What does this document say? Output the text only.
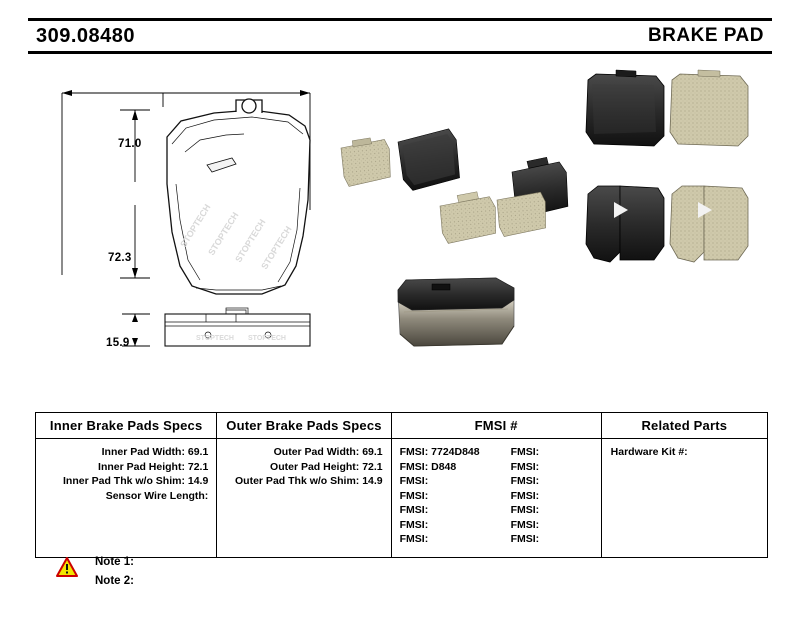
309.08480	BRAKE PAD
STOPTECH
STOPTECH
STOPTECH
STOPTECH
STOPTECH STOPTECH
71.0
72.3
15.9
Inner Brake Pads Specs
Inner Pad Width: 69.1
Inner Pad Height: 72.1
Inner Pad Thk w/o Shim: 14.9
Sensor Wire Length:
Outer Brake Pads Specs
Outer Pad Width: 69.1
Outer Pad Height: 72.1
Outer Pad Thk w/o Shim: 14.9
FMSI #
FMSI: 7724D848	FMSI:
FMSI: D848	FMSI:
FMSI:	FMSI:
FMSI:	FMSI:
FMSI:	FMSI:
FMSI:	FMSI:
FMSI:	FMSI:
Related Parts
Hardware Kit #:
Note 1:
Note 2:
